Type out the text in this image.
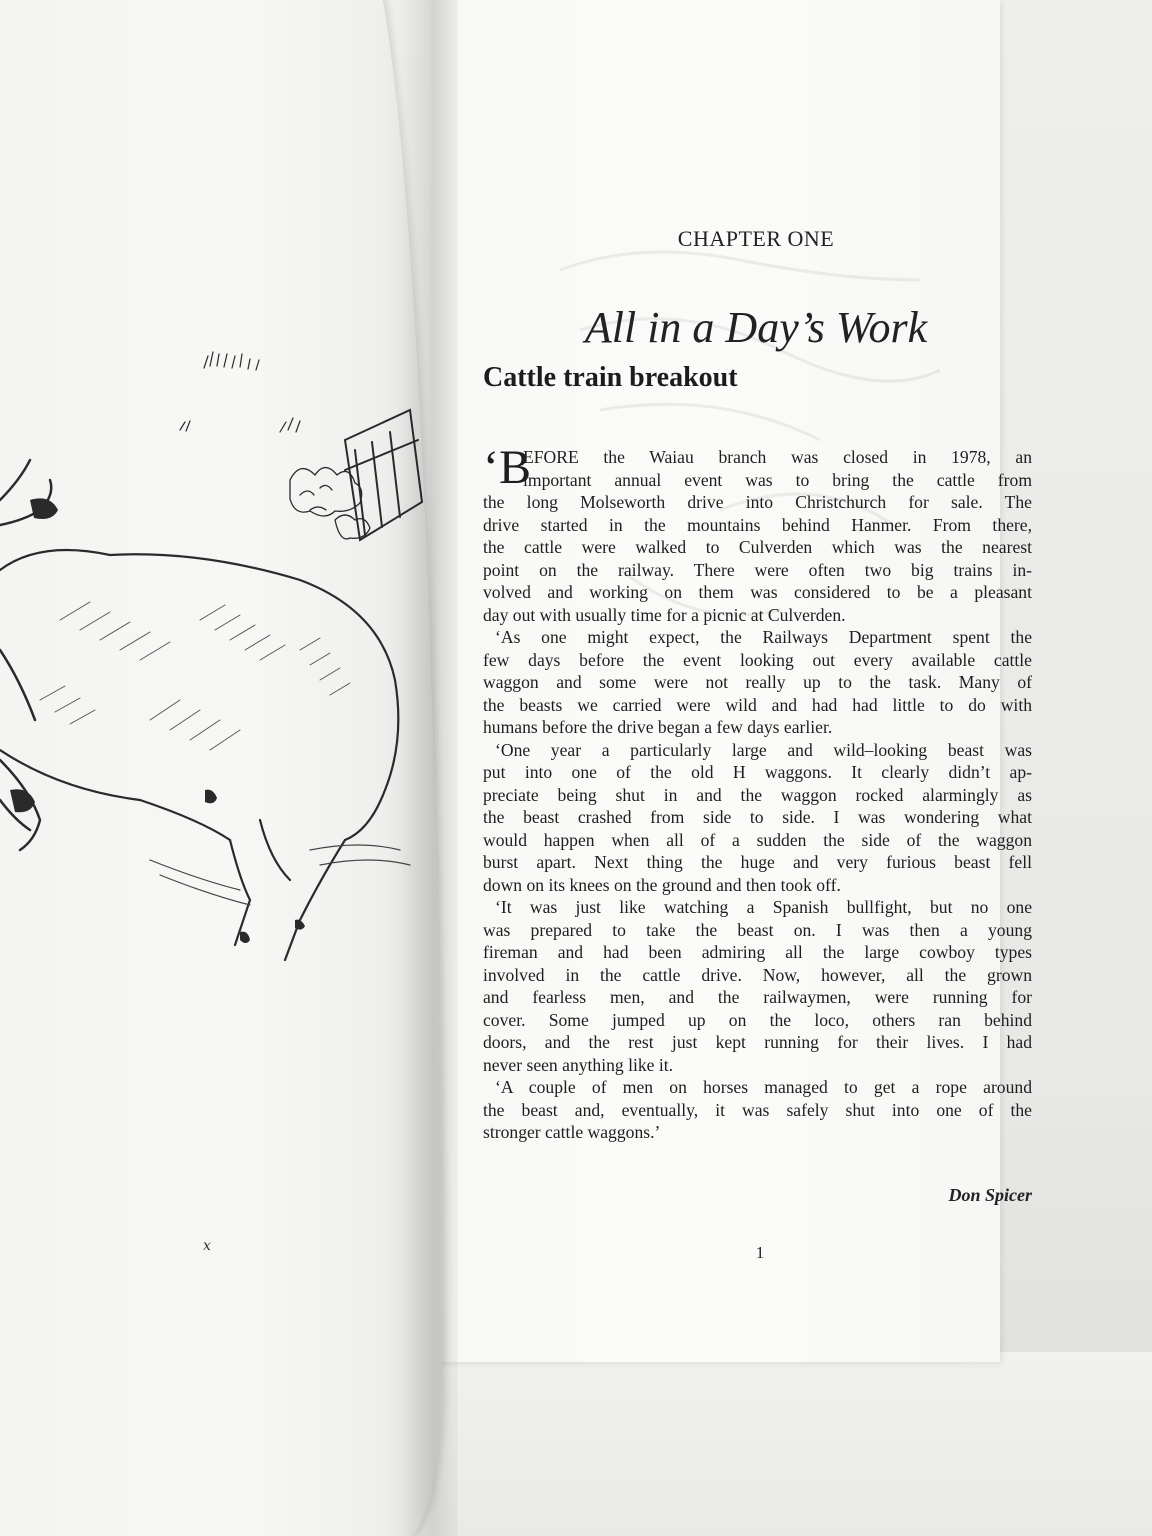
x
CHAPTER ONE
All in a Day’s Work
Cattle train breakout
‘B
EFORE the Waiau branch was closed in 1978, an
important annual event was to bring the cattle from
the long Molseworth drive into Christchurch for sale. The
drive started in the mountains behind Hanmer. From there,
the cattle were walked to Culverden which was the nearest
point on the railway. There were often two big trains in-
volved and working on them was considered to be a pleasant
day out with usually time for a picnic at Culverden.
‘As one might expect, the Railways Department spent the
few days before the event looking out every available cattle
waggon and some were not really up to the task. Many of
the beasts we carried were wild and had had little to do with
humans before the drive began a few days earlier.
‘One year a particularly large and wild–looking beast was
put into one of the old H waggons. It clearly didn’t ap-
preciate being shut in and the waggon rocked alarmingly as
the beast crashed from side to side. I was wondering what
would happen when all of a sudden the side of the waggon
burst apart. Next thing the huge and very furious beast fell
down on its knees on the ground and then took off.
‘It was just like watching a Spanish bullfight, but no one
was prepared to take the beast on. I was then a young
fireman and had been admiring all the large cowboy types
involved in the cattle drive. Now, however, all the grown
and fearless men, and the railwaymen, were running for
cover. Some jumped up on the loco, others ran behind
doors, and the rest just kept running for their lives. I had
never seen anything like it.
‘A couple of men on horses managed to get a rope around
the beast and, eventually, it was safely shut into one of the
stronger cattle waggons.’
Don Spicer
1
